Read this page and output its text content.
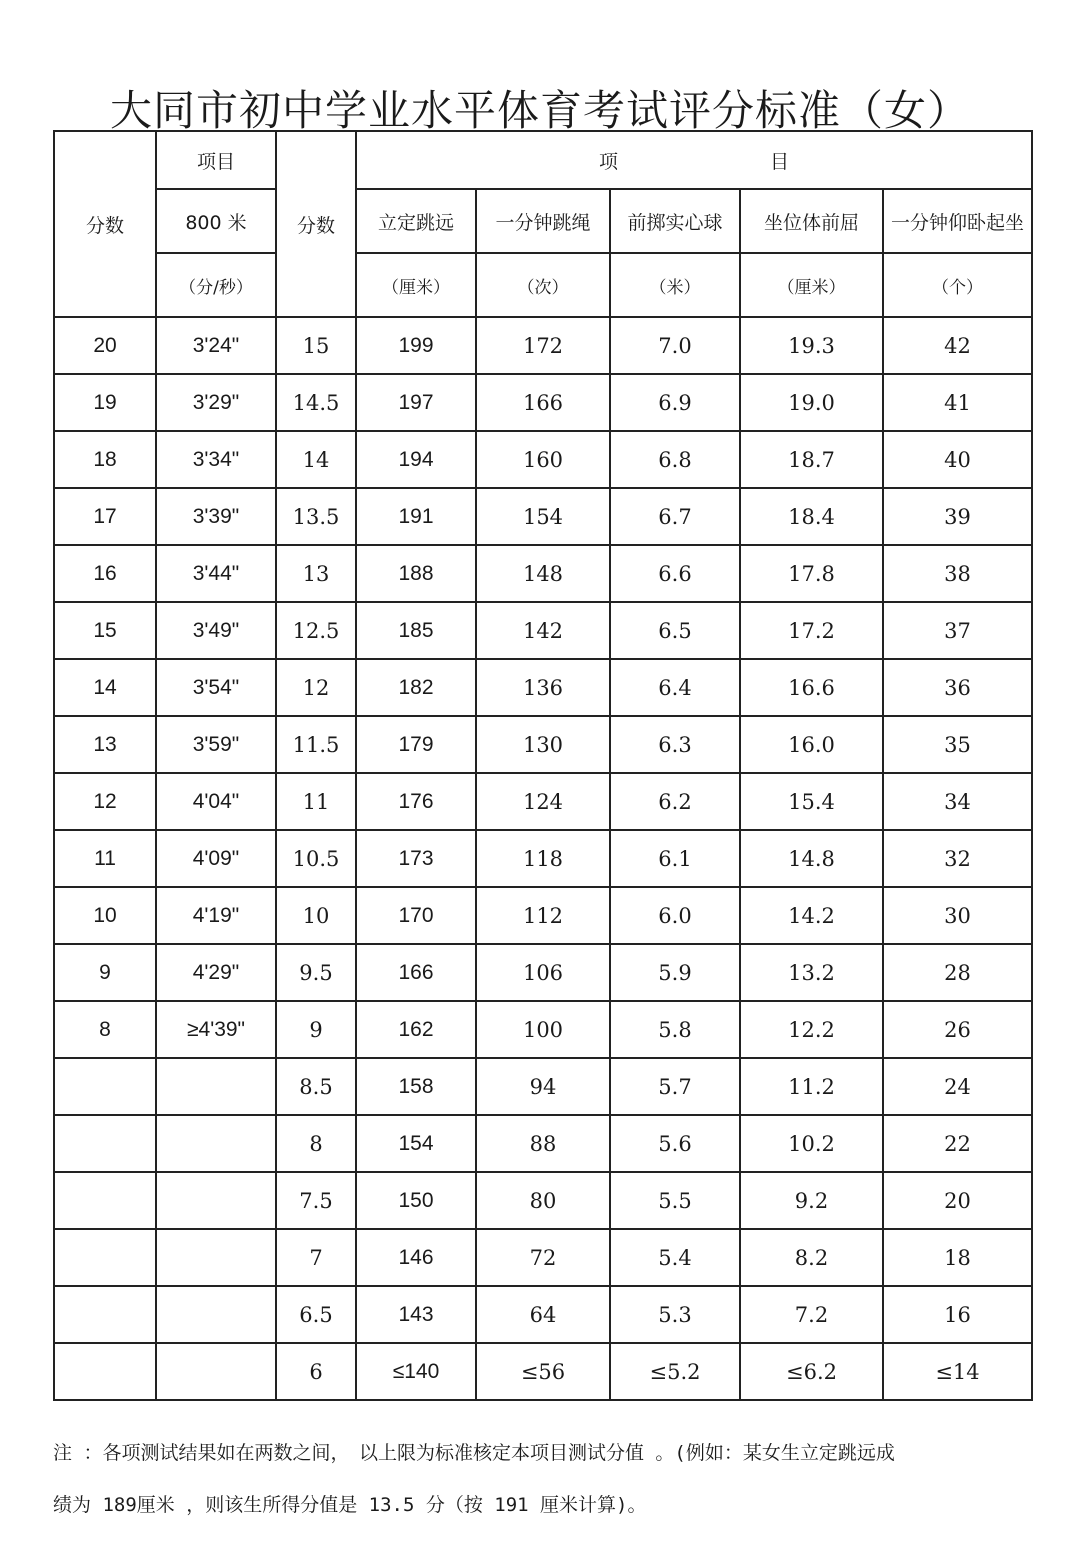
大同市初中学业水平体育考试评分标准（女）
分数	项目	分数	项　　　　　　　　目				
	800 米		立定跳远	一分钟跳绳	前掷实心球	坐位体前屈	一分钟仰卧起坐
	（分/秒）		（厘米）	（次）	（米）	（厘米）	（个）
20	3'24"	15	199	172	7.0	19.3	42
19	3'29"	14.5	197	166	6.9	19.0	41
18	3'34"	14	194	160	6.8	18.7	40
17	3'39"	13.5	191	154	6.7	18.4	39
16	3'44"	13	188	148	6.6	17.8	38
15	3'49"	12.5	185	142	6.5	17.2	37
14	3'54"	12	182	136	6.4	16.6	36
13	3'59"	11.5	179	130	6.3	16.0	35
12	4'04"	11	176	124	6.2	15.4	34
11	4'09"	10.5	173	118	6.1	14.8	32
10	4'19"	10	170	112	6.0	14.2	30
9	4'29"	9.5	166	106	5.9	13.2	28
8	≥4'39"	9	162	100	5.8	12.2	26
		8.5	158	94	5.7	11.2	24
		8	154	88	5.6	10.2	22
		7.5	150	80	5.5	9.2	20
		7	146	72	5.4	8.2	18
		6.5	143	64	5.3	7.2	16
		6	≤140	≤56	≤5.2	≤6.2	≤14
注 ：各项测试结果如在两数之间，　以上限为标准核定本项目测试分值 。(例如：某女生立定跳远成
绩为 189厘米 ，则该生所得分值是 13.5 分（按 191 厘米计算)。
